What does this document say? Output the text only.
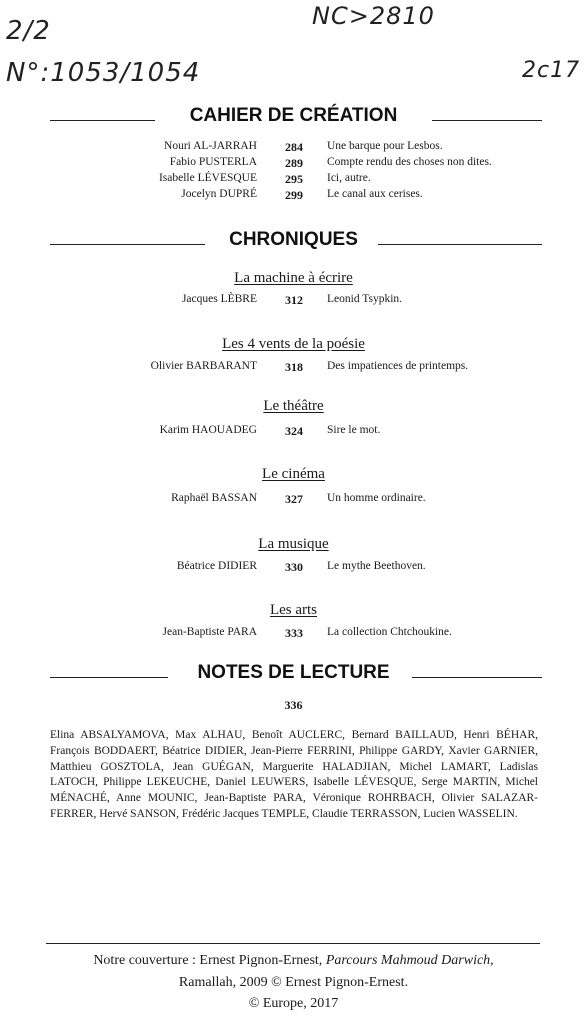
2/2
N°:1053/1054
NC>2810
2c17
CAHIER DE CRÉATION
Nouri AL-JARRAH 284 Une barque pour Lesbos.
Fabio PUSTERLA 289 Compte rendu des choses non dites.
Isabelle LÉVESQUE 295 Ici, autre.
Jocelyn DUPRÉ 299 Le canal aux cerises.
CHRONIQUES
La machine à écrire
Jacques LÈBRE 312 Leonid Tsypkin.
Les 4 vents de la poésie
Olivier BARBARANT 318 Des impatiences de printemps.
Le théâtre
Karim HAOUADEG 324 Sire le mot.
Le cinéma
Raphaël BASSAN 327 Un homme ordinaire.
La musique
Béatrice DIDIER 330 Le mythe Beethoven.
Les arts
Jean-Baptiste PARA 333 La collection Chtchoukine.
NOTES DE LECTURE
336
Elina ABSALYAMOVA, Max ALHAU, Benoît AUCLERC, Bernard BAILLAUD, Henri BÉHAR, François BODDAERT, Béatrice DIDIER, Jean-Pierre FERRINI, Philippe GARDY, Xavier GARNIER, Matthieu GOSZTOLA, Jean GUÉGAN, Marguerite HALADJIAN, Michel LAMART, Ladislas LATOCH, Philippe LEKEUCHE, Daniel LEUWERS, Isabelle LÉVESQUE, Serge MARTIN, Michel MÉNACHÉ, Anne MOUNIC, Jean-Baptiste PARA, Véronique ROHRBACH, Olivier SALAZAR-FERRER, Hervé SANSON, Frédéric Jacques TEMPLE, Claudie TERRASSON, Lucien WASSELIN.
Notre couverture : Ernest Pignon-Ernest, Parcours Mahmoud Darwich,
Ramallah, 2009 © Ernest Pignon-Ernest.
© Europe, 2017
